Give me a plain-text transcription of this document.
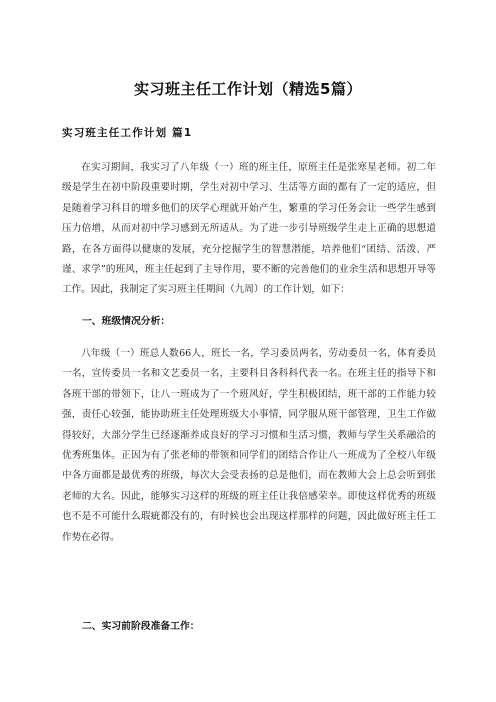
实习班主任工作计划（精选5篇）
实习班主任工作计划 篇1

在实习期间，我实习了八年级（一）班的班主任，原班主任是张寒星老师。初二年级是学生在初中阶段重要时期，学生对初中学习、生活等方面的都有了一定的适应，但是随着学习科目的增多他们的厌学心理就开始产生，繁重的学习任务会让一些学生感到压力倍增，从而对初中学习感到无所适从。为了进一步引导班级学生走上正确的思想道路，在各方面得以健康的发展，充分挖掘学生的智慧潜能，培养他们“团结、活泼、严谨、求学”的班风，班主任起到了主导作用，要不断的完善他们的业余生活和思想开导等工作。因此，我制定了实习班主任期间（九周）的工作计划，如下：

一、班级情况分析：

八年级（一）班总人数66人，班长一名，学习委员两名，劳动委员一名，体育委员一名，宣传委员一名和文艺委员一名，主要科目各科科代表一名。在班主任的指导下和各班干部的带领下，让八一班成为了一个班风好，学生积极团结，班干部的工作能力较强，责任心较强，能协助班主任处理班级大小事情，同学服从班干部管理，卫生工作做得较好，大部分学生已经逐渐养成良好的学习习惯和生活习惯，教师与学生关系融洽的优秀班集体。正因为有了张老师的带领和同学们的团结合作让八一班成为了全校八年级中各方面都是最优秀的班级，每次大会受表扬的总是他们，而在教师大会上总会听到张老师的大名。因此，能够实习这样的班级的班主任让我倍感荣幸。即使这样优秀的班级也不是不可能什么瑕疵都没有的，有时候也会出现这样那样的问题，因此做好班主任工作势在必得。

二、实习前阶段准备工作：
